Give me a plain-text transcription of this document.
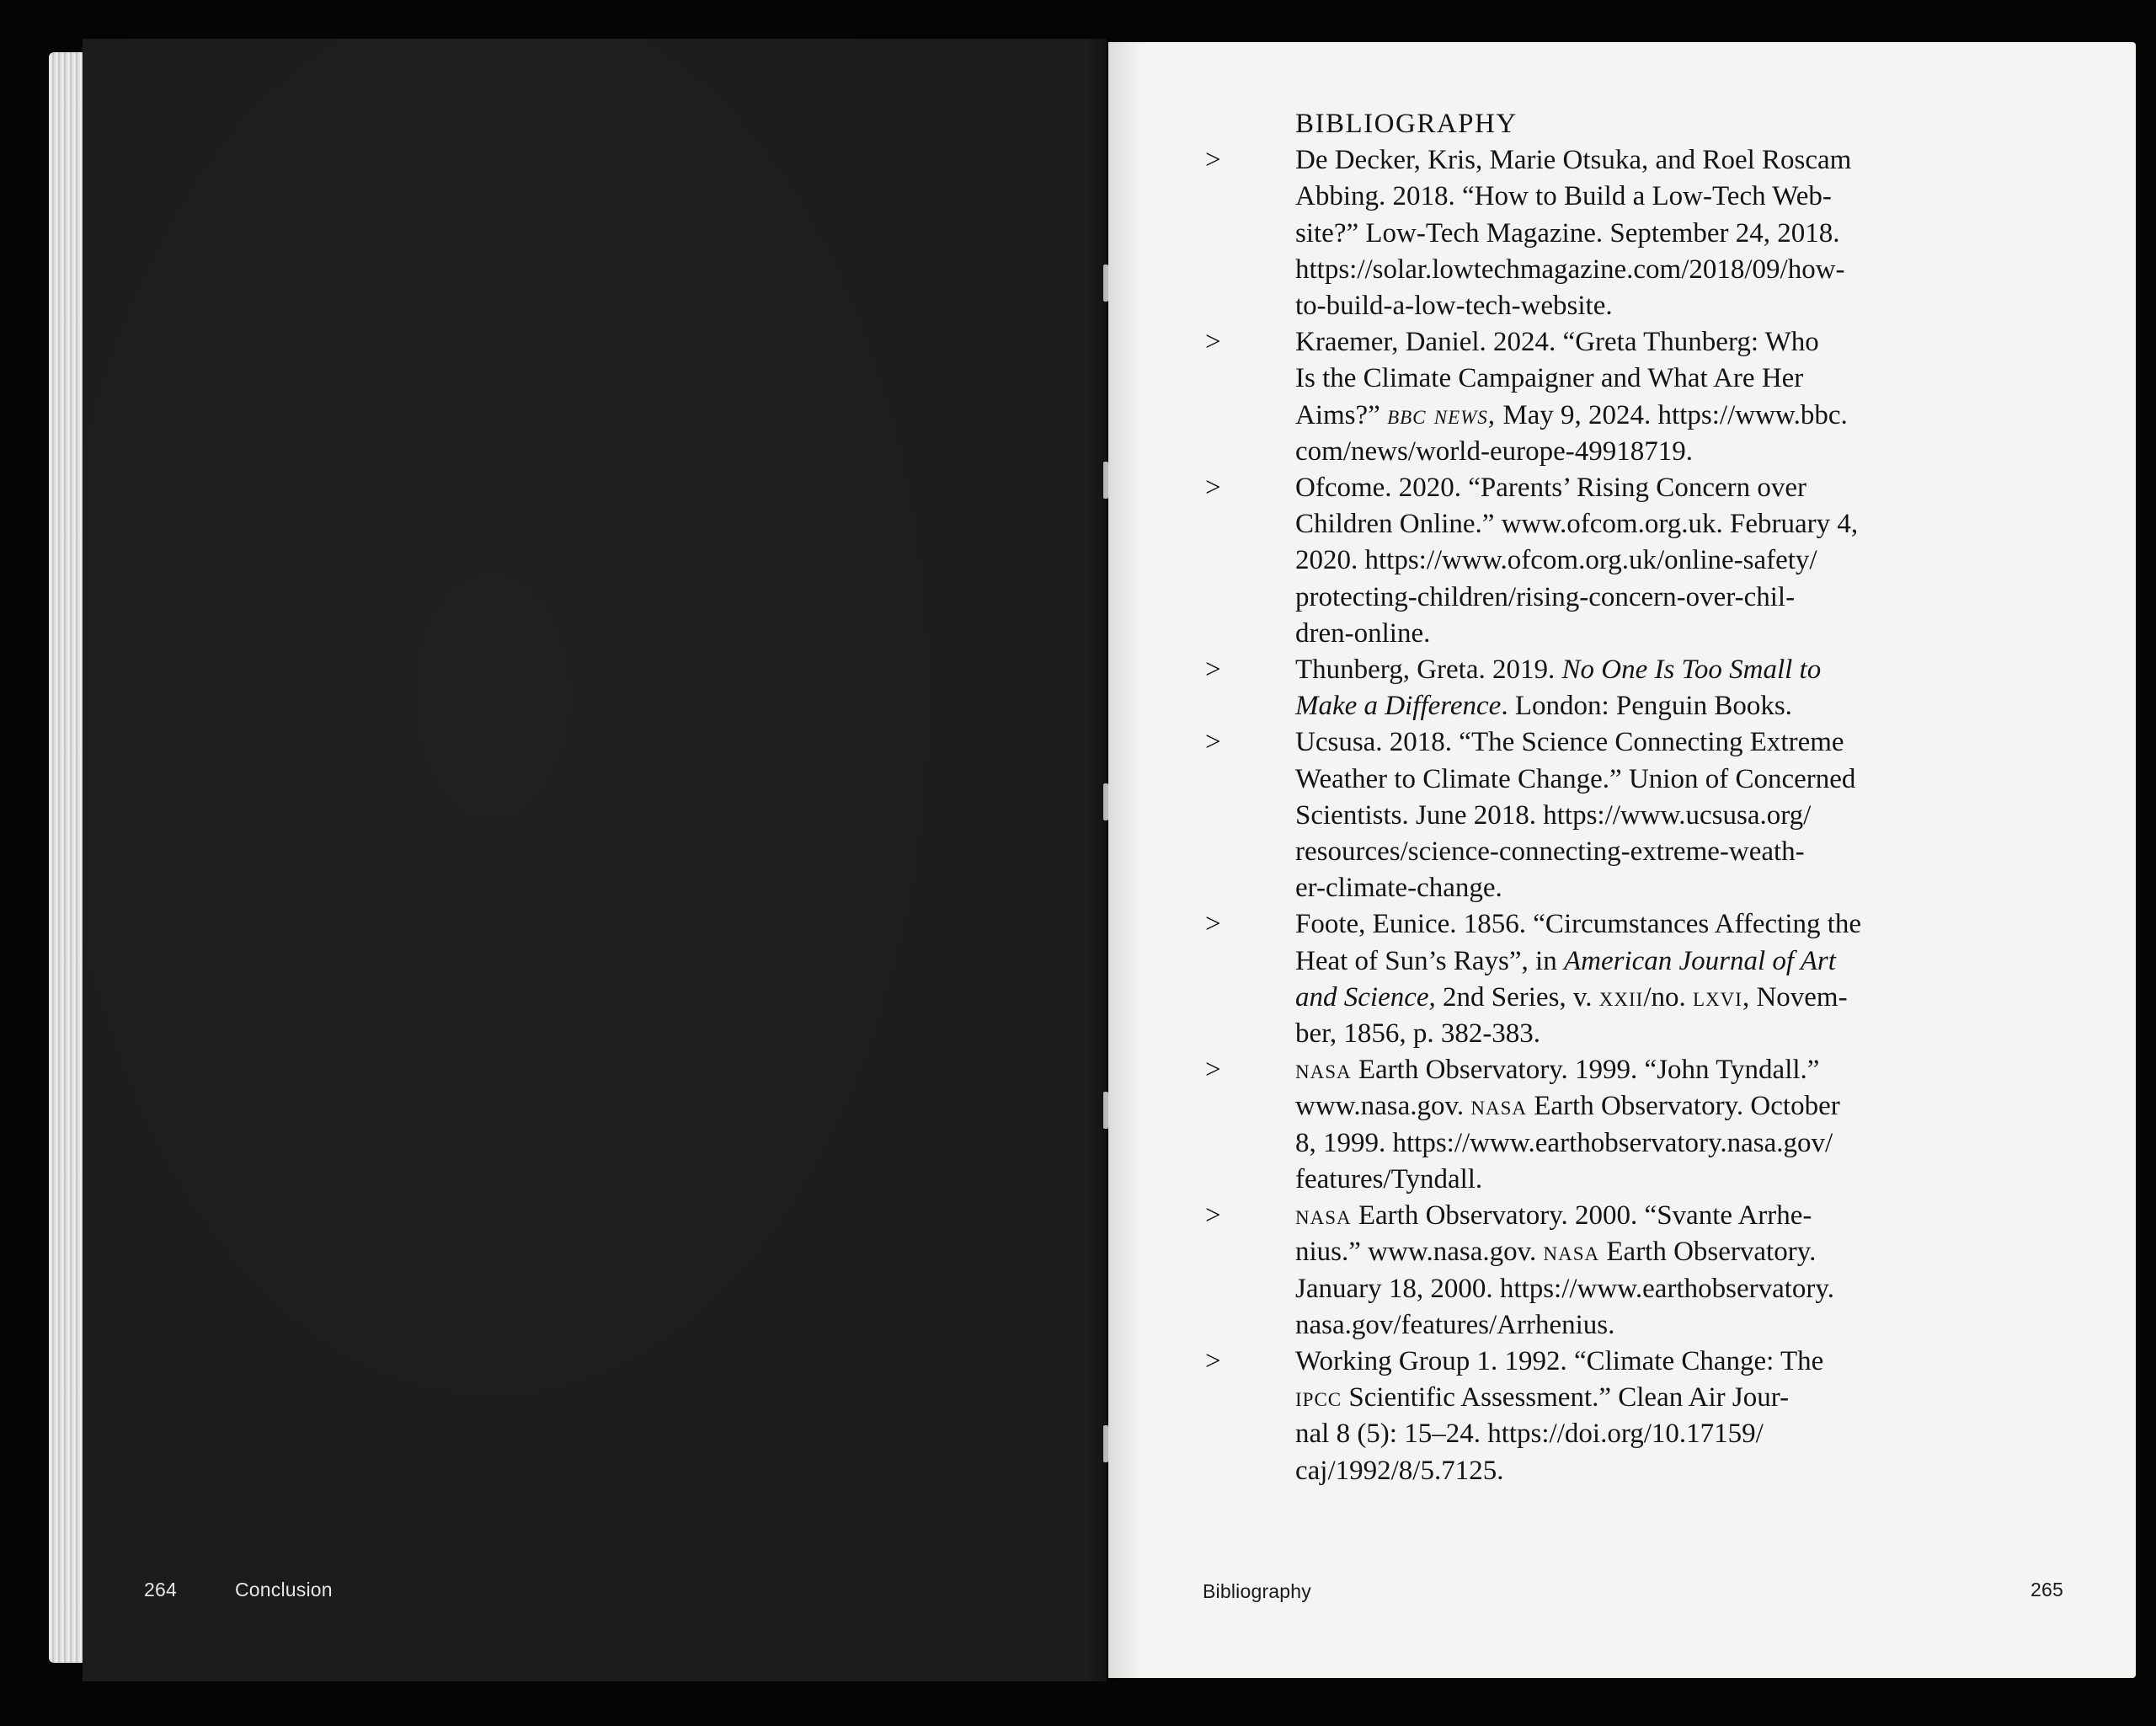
264	Conclusion	Bibliography	265
BIBLIOGRAPHY
>	De Decker, Kris, Marie Otsuka, and Roel Roscam
Abbing. 2018. “How to Build a Low-Tech Web-
site?” Low-Tech Magazine. September 24, 2018.
https://solar.lowtechmagazine.com/2018/09/how-
to-build-a-low-tech-website.
>	Kraemer, Daniel. 2024. “Greta Thunberg: Who
Is the Climate Campaigner and What Are Her
Aims?” bbc news, May 9, 2024. https://www.bbc.
com/news/world-europe-49918719.
>	Ofcome. 2020. “Parents’ Rising Concern over
Children Online.” www.ofcom.org.uk. February 4,
2020. https://www.ofcom.org.uk/online-safety/
protecting-children/rising-concern-over-chil-
dren-online.
>	Thunberg, Greta. 2019. No One Is Too Small to
Make a Difference. London: Penguin Books.
>	Ucsusa. 2018. “The Science Connecting Extreme
Weather to Climate Change.” Union of Concerned
Scientists. June 2018. https://www.ucsusa.org/
resources/science-connecting-extreme-weath-
er-climate-change.
>	Foote, Eunice. 1856. “Circumstances Affecting the
Heat of Sun’s Rays”, in American Journal of Art
and Science, 2nd Series, v. xxii/no. lxvi, Novem-
ber, 1856, p. 382-383.
>	nasa Earth Observatory. 1999. “John Tyndall.”
www.nasa.gov. nasa Earth Observatory. October
8, 1999. https://www.earthobservatory.nasa.gov/
features/Tyndall.
>	nasa Earth Observatory. 2000. “Svante Arrhe-
nius.” www.nasa.gov. nasa Earth Observatory.
January 18, 2000. https://www.earthobservatory.
nasa.gov/features/Arrhenius.
>	Working Group 1. 1992. “Climate Change: The
ipcc Scientific Assessment.” Clean Air Jour-
nal 8 (5): 15–24. https://doi.org/10.17159/
caj/1992/8/5.7125.
